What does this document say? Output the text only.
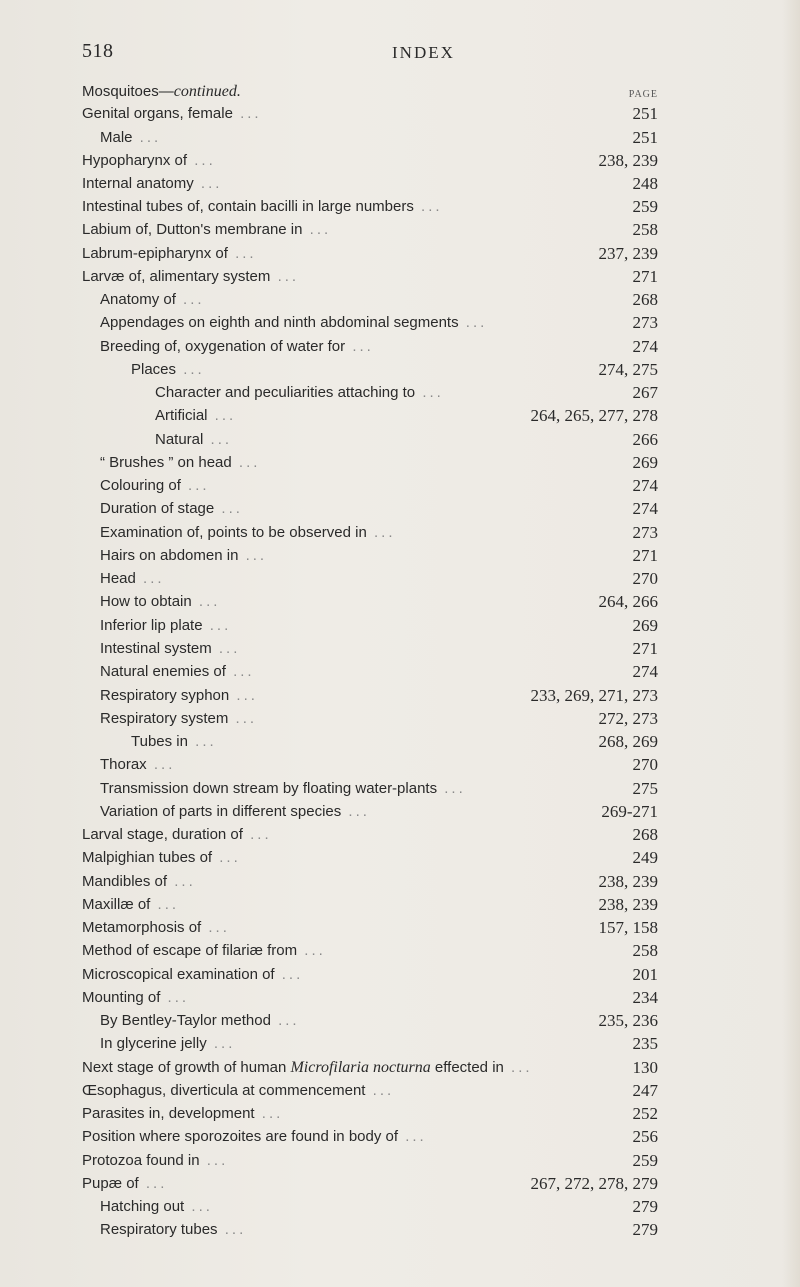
518	INDEX
Mosquitoes—continued.	PAGE
Genital organs, female ...	251
Male ...	251
Hypopharynx of ...	238, 239
Internal anatomy ...	248
Intestinal tubes of, contain bacilli in large numbers ...	259
Labium of, Dutton's membrane in ...	258
Labrum-epipharynx of ...	237, 239
Larvæ of, alimentary system ...	271
Anatomy of ...	268
Appendages on eighth and ninth abdominal segments ...	273
Breeding of, oxygenation of water for ...	274
Places ...	274, 275
Character and peculiarities attaching to ...	267
Artificial ...	264, 265, 277, 278
Natural ...	266
“ Brushes ” on head ...	269
Colouring of ...	274
Duration of stage ...	274
Examination of, points to be observed in ...	273
Hairs on abdomen in ...	271
Head ...	270
How to obtain ...	264, 266
Inferior lip plate ...	269
Intestinal system ...	271
Natural enemies of ...	274
Respiratory syphon ...	233, 269, 271, 273
Respiratory system ...	272, 273
Tubes in ...	268, 269
Thorax ...	270
Transmission down stream by floating water-plants ...	275
Variation of parts in different species ...	269-271
Larval stage, duration of ...	268
Malpighian tubes of ...	249
Mandibles of ...	238, 239
Maxillæ of ...	238, 239
Metamorphosis of ...	157, 158
Method of escape of filariæ from ...	258
Microscopical examination of ...	201
Mounting of ...	234
By Bentley-Taylor method ...	235, 236
In glycerine jelly ...	235
Next stage of growth of human Microfilaria nocturna effected in ...	130
Œsophagus, diverticula at commencement ...	247
Parasites in, development ...	252
Position where sporozoites are found in body of ...	256
Protozoa found in ...	259
Pupæ of ...	267, 272, 278, 279
Hatching out ...	279
Respiratory tubes ...	279
